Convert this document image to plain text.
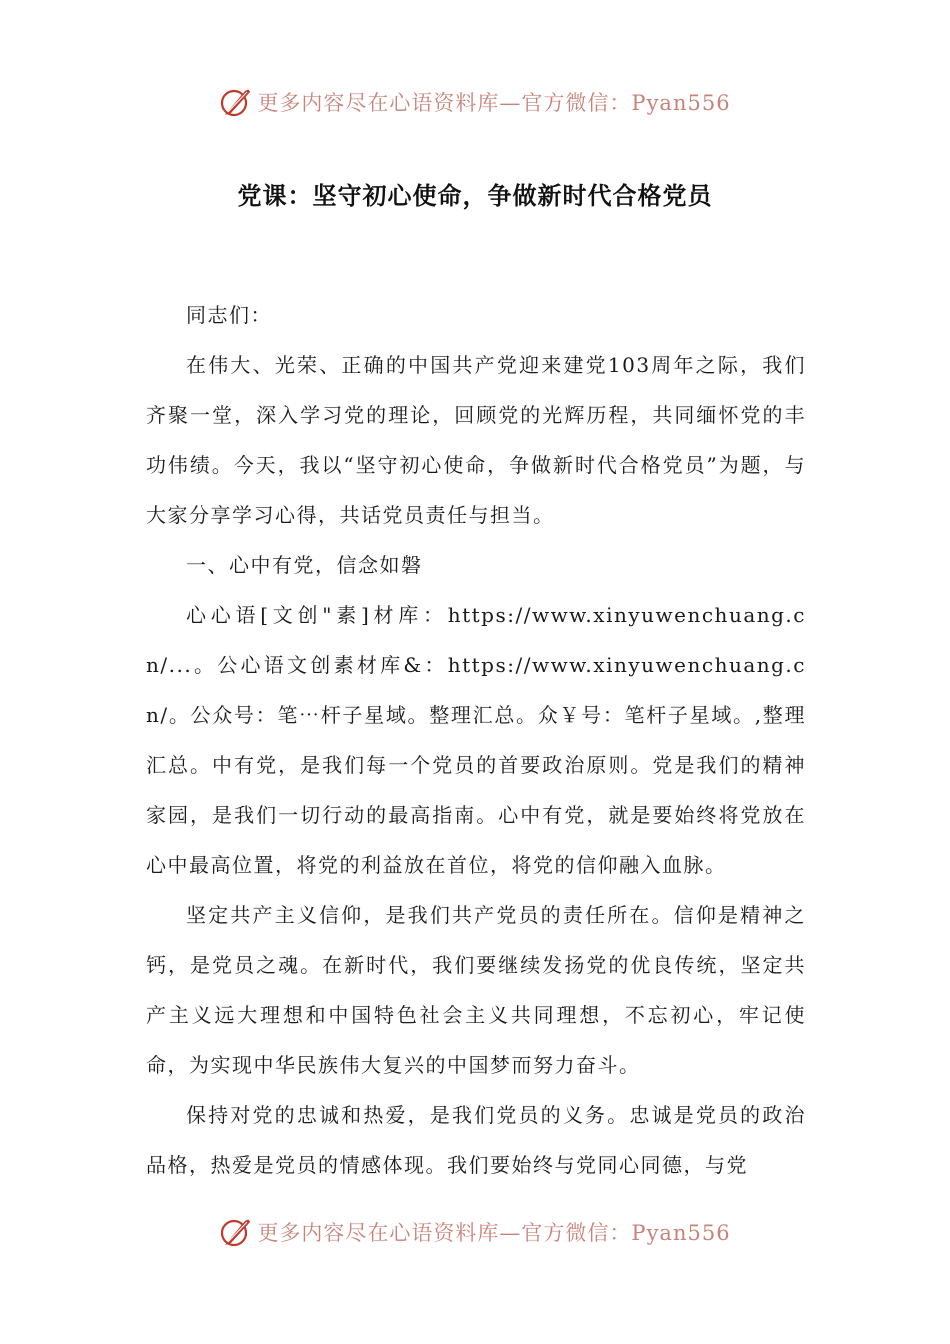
更多内容尽在心语资料库—官方微信：Pyan556
党课：坚守初心使命，争做新时代合格党员

同志们：

在伟大、光荣、正确的中国共产党迎来建党103周年之际，我们齐聚一堂，深入学习党的理论，回顾党的光辉历程，共同缅怀党的丰功伟绩。今天，我以“坚守初心使命，争做新时代合格党员”为题，与大家分享学习心得，共话党员责任与担当。

一、心中有党，信念如磐

心心语[文创"素]材库：https://www.xinyuwenchuang.cn/...。公心语文创素材库&：https://www.xinyuwenchuang.cn/。公众号：笔⋯杆子星域。整理汇总。众￥号：笔杆子星域。,整理汇总。中有党，是我们每一个党员的首要政治原则。党是我们的精神家园，是我们一切行动的最高指南。心中有党，就是要始终将党放在心中最高位置，将党的利益放在首位，将党的信仰融入血脉。

坚定共产主义信仰，是我们共产党员的责任所在。信仰是精神之钙，是党员之魂。在新时代，我们要继续发扬党的优良传统，坚定共产主义远大理想和中国特色社会主义共同理想，不忘初心，牢记使命，为实现中华民族伟大复兴的中国梦而努力奋斗。

保持对党的忠诚和热爱，是我们党员的义务。忠诚是党员的政治品格，热爱是党员的情感体现。我们要始终与党同心同德，与党

更多内容尽在心语资料库—官方微信：Pyan556
